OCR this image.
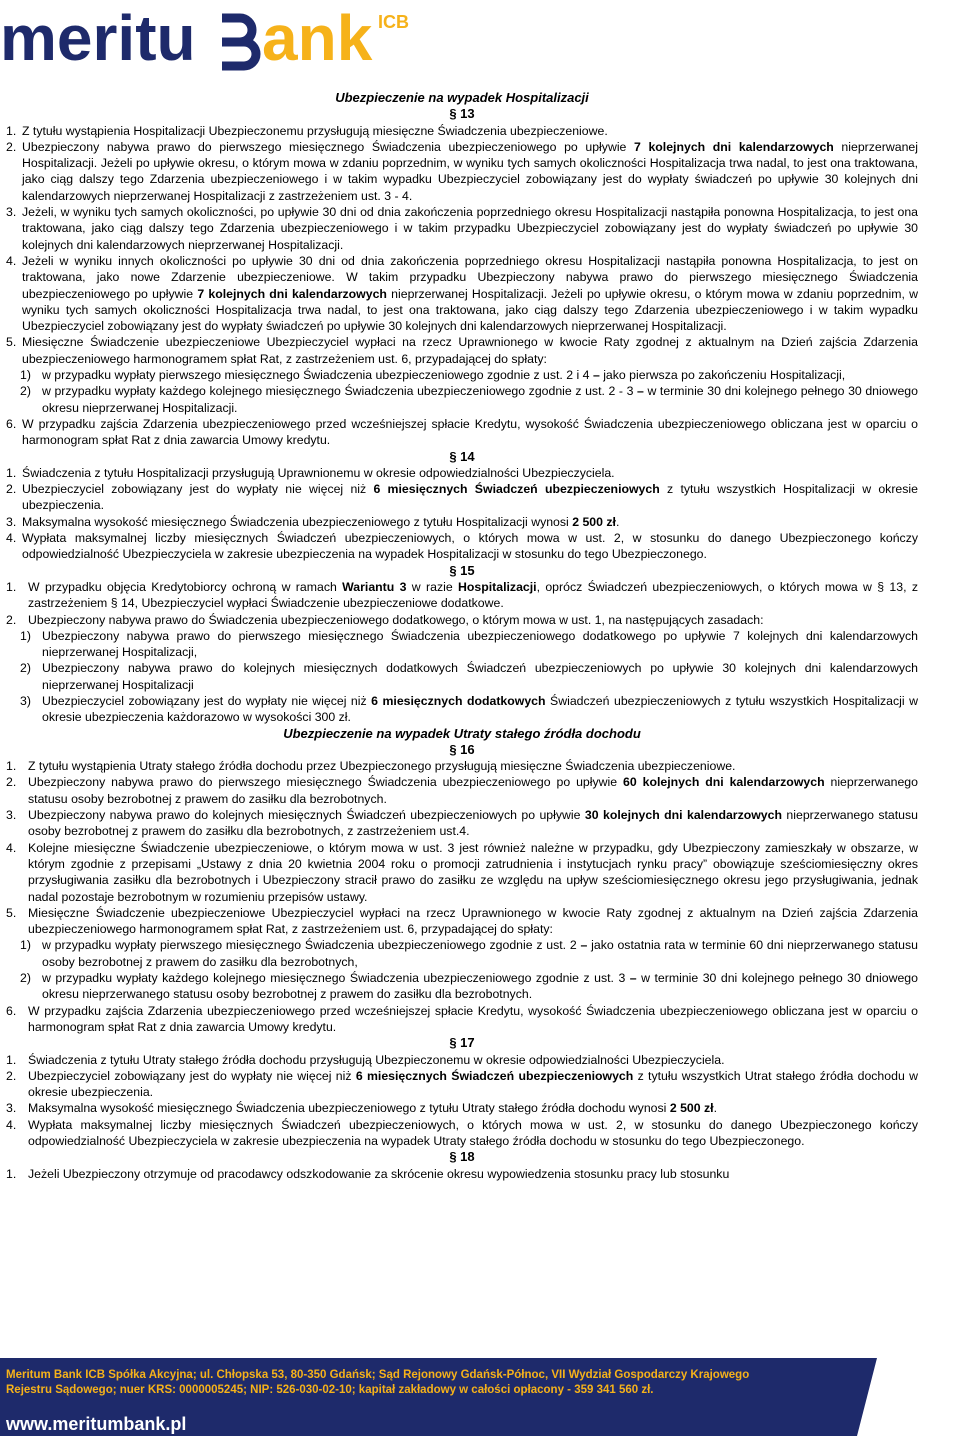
meritu ank ICB
Ubezpieczenie na wypadek Hospitalizacji
§ 13
1. Z tytułu wystąpienia Hospitalizacji Ubezpieczonemu przysługują miesięczne Świadczenia ubezpieczeniowe.
2. Ubezpieczony nabywa prawo do pierwszego miesięcznego Świadczenia ubezpieczeniowego po upływie 7 kolejnych dni kalendarzowych nieprzerwanej Hospitalizacji. Jeżeli po upływie okresu, o którym mowa w zdaniu poprzednim, w wyniku tych samych okoliczności Hospitalizacja trwa nadal, to jest ona traktowana, jako ciąg dalszy tego Zdarzenia ubezpieczeniowego i w takim wypadku Ubezpieczyciel zobowiązany jest do wypłaty świadczeń po upływie 30 kolejnych dni kalendarzowych nieprzerwanej Hospitalizacji z zastrzeżeniem ust. 3 - 4.
3. Jeżeli, w wyniku tych samych okoliczności, po upływie 30 dni od dnia zakończenia poprzedniego okresu Hospitalizacji nastąpiła ponowna Hospitalizacja, to jest ona traktowana, jako ciąg dalszy tego Zdarzenia ubezpieczeniowego i w takim przypadku Ubezpieczyciel zobowiązany jest do wypłaty świadczeń po upływie 30 kolejnych dni kalendarzowych nieprzerwanej Hospitalizacji.
4. Jeżeli w wyniku innych okoliczności po upływie 30 dni od dnia zakończenia poprzedniego okresu Hospitalizacji nastąpiła ponowna Hospitalizacja, to jest on traktowana, jako nowe Zdarzenie ubezpieczeniowe. W takim przypadku Ubezpieczony nabywa prawo do pierwszego miesięcznego Świadczenia ubezpieczeniowego po upływie 7 kolejnych dni kalendarzowych nieprzerwanej Hospitalizacji. Jeżeli po upływie okresu, o którym mowa w zdaniu poprzednim, w wyniku tych samych okoliczności Hospitalizacja trwa nadal, to jest ona traktowana, jako ciąg dalszy tego Zdarzenia ubezpieczeniowego i w takim wypadku Ubezpieczyciel zobowiązany jest do wypłaty świadczeń po upływie 30 kolejnych dni kalendarzowych nieprzerwanej Hospitalizacji.
5. Miesięczne Świadczenie ubezpieczeniowe Ubezpieczyciel wypłaci na rzecz Uprawnionego w kwocie Raty zgodnej z aktualnym na Dzień zajścia Zdarzenia ubezpieczeniowego harmonogramem spłat Rat, z zastrzeżeniem ust. 6, przypadającej do spłaty:
1) w przypadku wypłaty pierwszego miesięcznego Świadczenia ubezpieczeniowego zgodnie z ust. 2 i 4 – jako pierwsza po zakończeniu Hospitalizacji,
2) w przypadku wypłaty każdego kolejnego miesięcznego Świadczenia ubezpieczeniowego zgodnie z ust. 2 - 3 – w terminie 30 dni kolejnego pełnego 30 dniowego okresu nieprzerwanej Hospitalizacji.
6. W przypadku zajścia Zdarzenia ubezpieczeniowego przed wcześniejszej spłacie Kredytu, wysokość Świadczenia ubezpieczeniowego obliczana jest w oparciu o harmonogram spłat Rat z dnia zawarcia Umowy kredytu.
§ 14
1. Świadczenia z tytułu Hospitalizacji przysługują Uprawnionemu w okresie odpowiedzialności Ubezpieczyciela.
2. Ubezpieczyciel zobowiązany jest do wypłaty nie więcej niż 6 miesięcznych Świadczeń ubezpieczeniowych z tytułu wszystkich Hospitalizacji w okresie ubezpieczenia.
3. Maksymalna wysokość miesięcznego Świadczenia ubezpieczeniowego z tytułu Hospitalizacji wynosi 2 500 zł.
4. Wypłata maksymalnej liczby miesięcznych Świadczeń ubezpieczeniowych, o których mowa w ust. 2, w stosunku do danego Ubezpieczonego kończy odpowiedzialność Ubezpieczyciela w zakresie ubezpieczenia na wypadek Hospitalizacji w stosunku do tego Ubezpieczonego.
§ 15
1. W przypadku objęcia Kredytobiorcy ochroną w ramach Wariantu 3 w razie Hospitalizacji, oprócz Świadczeń ubezpieczeniowych, o których mowa w § 13, z zastrzeżeniem § 14, Ubezpieczyciel wypłaci Świadczenie ubezpieczeniowe dodatkowe.
2. Ubezpieczony nabywa prawo do Świadczenia ubezpieczeniowego dodatkowego, o którym mowa w ust. 1, na następujących zasadach:
1) Ubezpieczony nabywa prawo do pierwszego miesięcznego Świadczenia ubezpieczeniowego dodatkowego po upływie 7 kolejnych dni kalendarzowych nieprzerwanej Hospitalizacji,
2) Ubezpieczony nabywa prawo do kolejnych miesięcznych dodatkowych Świadczeń ubezpieczeniowych po upływie 30 kolejnych dni kalendarzowych nieprzerwanej Hospitalizacji
3) Ubezpieczyciel zobowiązany jest do wypłaty nie więcej niż 6 miesięcznych dodatkowych Świadczeń ubezpieczeniowych z tytułu wszystkich Hospitalizacji w okresie ubezpieczenia każdorazowo w wysokości 300 zł.
Ubezpieczenie na wypadek Utraty stałego źródła dochodu
§ 16
1. Z tytułu wystąpienia Utraty stałego źródła dochodu przez Ubezpieczonego przysługują miesięczne Świadczenia ubezpieczeniowe.
2. Ubezpieczony nabywa prawo do pierwszego miesięcznego Świadczenia ubezpieczeniowego po upływie 60 kolejnych dni kalendarzowych nieprzerwanego statusu osoby bezrobotnej z prawem do zasiłku dla bezrobotnych.
3. Ubezpieczony nabywa prawo do kolejnych miesięcznych Świadczeń ubezpieczeniowych po upływie 30 kolejnych dni kalendarzowych nieprzerwanego statusu osoby bezrobotnej z prawem do zasiłku dla bezrobotnych, z zastrzeżeniem ust.4.
4. Kolejne miesięczne Świadczenie ubezpieczeniowe, o którym mowa w ust. 3 jest również należne w przypadku, gdy Ubezpieczony zamieszkały w obszarze, w którym zgodnie z przepisami „Ustawy z dnia 20 kwietnia 2004 roku o promocji zatrudnienia i instytucjach rynku pracy” obowiązuje sześciomiesięczny okres przysługiwania zasiłku dla bezrobotnych i Ubezpieczony stracił prawo do zasiłku ze względu na upływ sześciomiesięcznego okresu jego przysługiwania, jednak nadal pozostaje bezrobotnym w rozumieniu przepisów ustawy.
5. Miesięczne Świadczenie ubezpieczeniowe Ubezpieczyciel wypłaci na rzecz Uprawnionego w kwocie Raty zgodnej z aktualnym na Dzień zajścia Zdarzenia ubezpieczeniowego harmonogramem spłat Rat, z zastrzeżeniem ust. 6, przypadającej do spłaty:
1) w przypadku wypłaty pierwszego miesięcznego Świadczenia ubezpieczeniowego zgodnie z ust. 2 – jako ostatnia rata w terminie 60 dni nieprzerwanego statusu osoby bezrobotnej z prawem do zasiłku dla bezrobotnych,
2) w przypadku wypłaty każdego kolejnego miesięcznego Świadczenia ubezpieczeniowego zgodnie z ust. 3 – w terminie 30 dni kolejnego pełnego 30 dniowego okresu nieprzerwanego statusu osoby bezrobotnej z prawem do zasiłku dla bezrobotnych.
6. W przypadku zajścia Zdarzenia ubezpieczeniowego przed wcześniejszej spłacie Kredytu, wysokość Świadczenia ubezpieczeniowego obliczana jest w oparciu o harmonogram spłat Rat z dnia zawarcia Umowy kredytu.
§ 17
1. Świadczenia z tytułu Utraty stałego źródła dochodu przysługują Ubezpieczonemu w okresie odpowiedzialności Ubezpieczyciela.
2. Ubezpieczyciel zobowiązany jest do wypłaty nie więcej niż 6 miesięcznych Świadczeń ubezpieczeniowych z tytułu wszystkich Utrat stałego źródła dochodu w okresie ubezpieczenia.
3. Maksymalna wysokość miesięcznego Świadczenia ubezpieczeniowego z tytułu Utraty stałego źródła dochodu wynosi 2 500 zł.
4. Wypłata maksymalnej liczby miesięcznych Świadczeń ubezpieczeniowych, o których mowa w ust. 2, w stosunku do danego Ubezpieczonego kończy odpowiedzialność Ubezpieczyciela w zakresie ubezpieczenia na wypadek Utraty stałego źródła dochodu w stosunku do tego Ubezpieczonego.
§ 18
1. Jeżeli Ubezpieczony otrzymuje od pracodawcy odszkodowanie za skrócenie okresu wypowiedzenia stosunku pracy lub stosunku
Meritum Bank ICB Spółka Akcyjna; ul. Chłopska 53, 80-350 Gdańsk; Sąd Rejonowy Gdańsk-Północ, VII Wydział Gospodarczy Krajowego
Rejestru Sądowego; nuer KRS: 0000005245; NIP: 526-030-02-10; kapitał zakładowy w całości opłacony - 359 341 560 zł.
www.meritumbank.pl
